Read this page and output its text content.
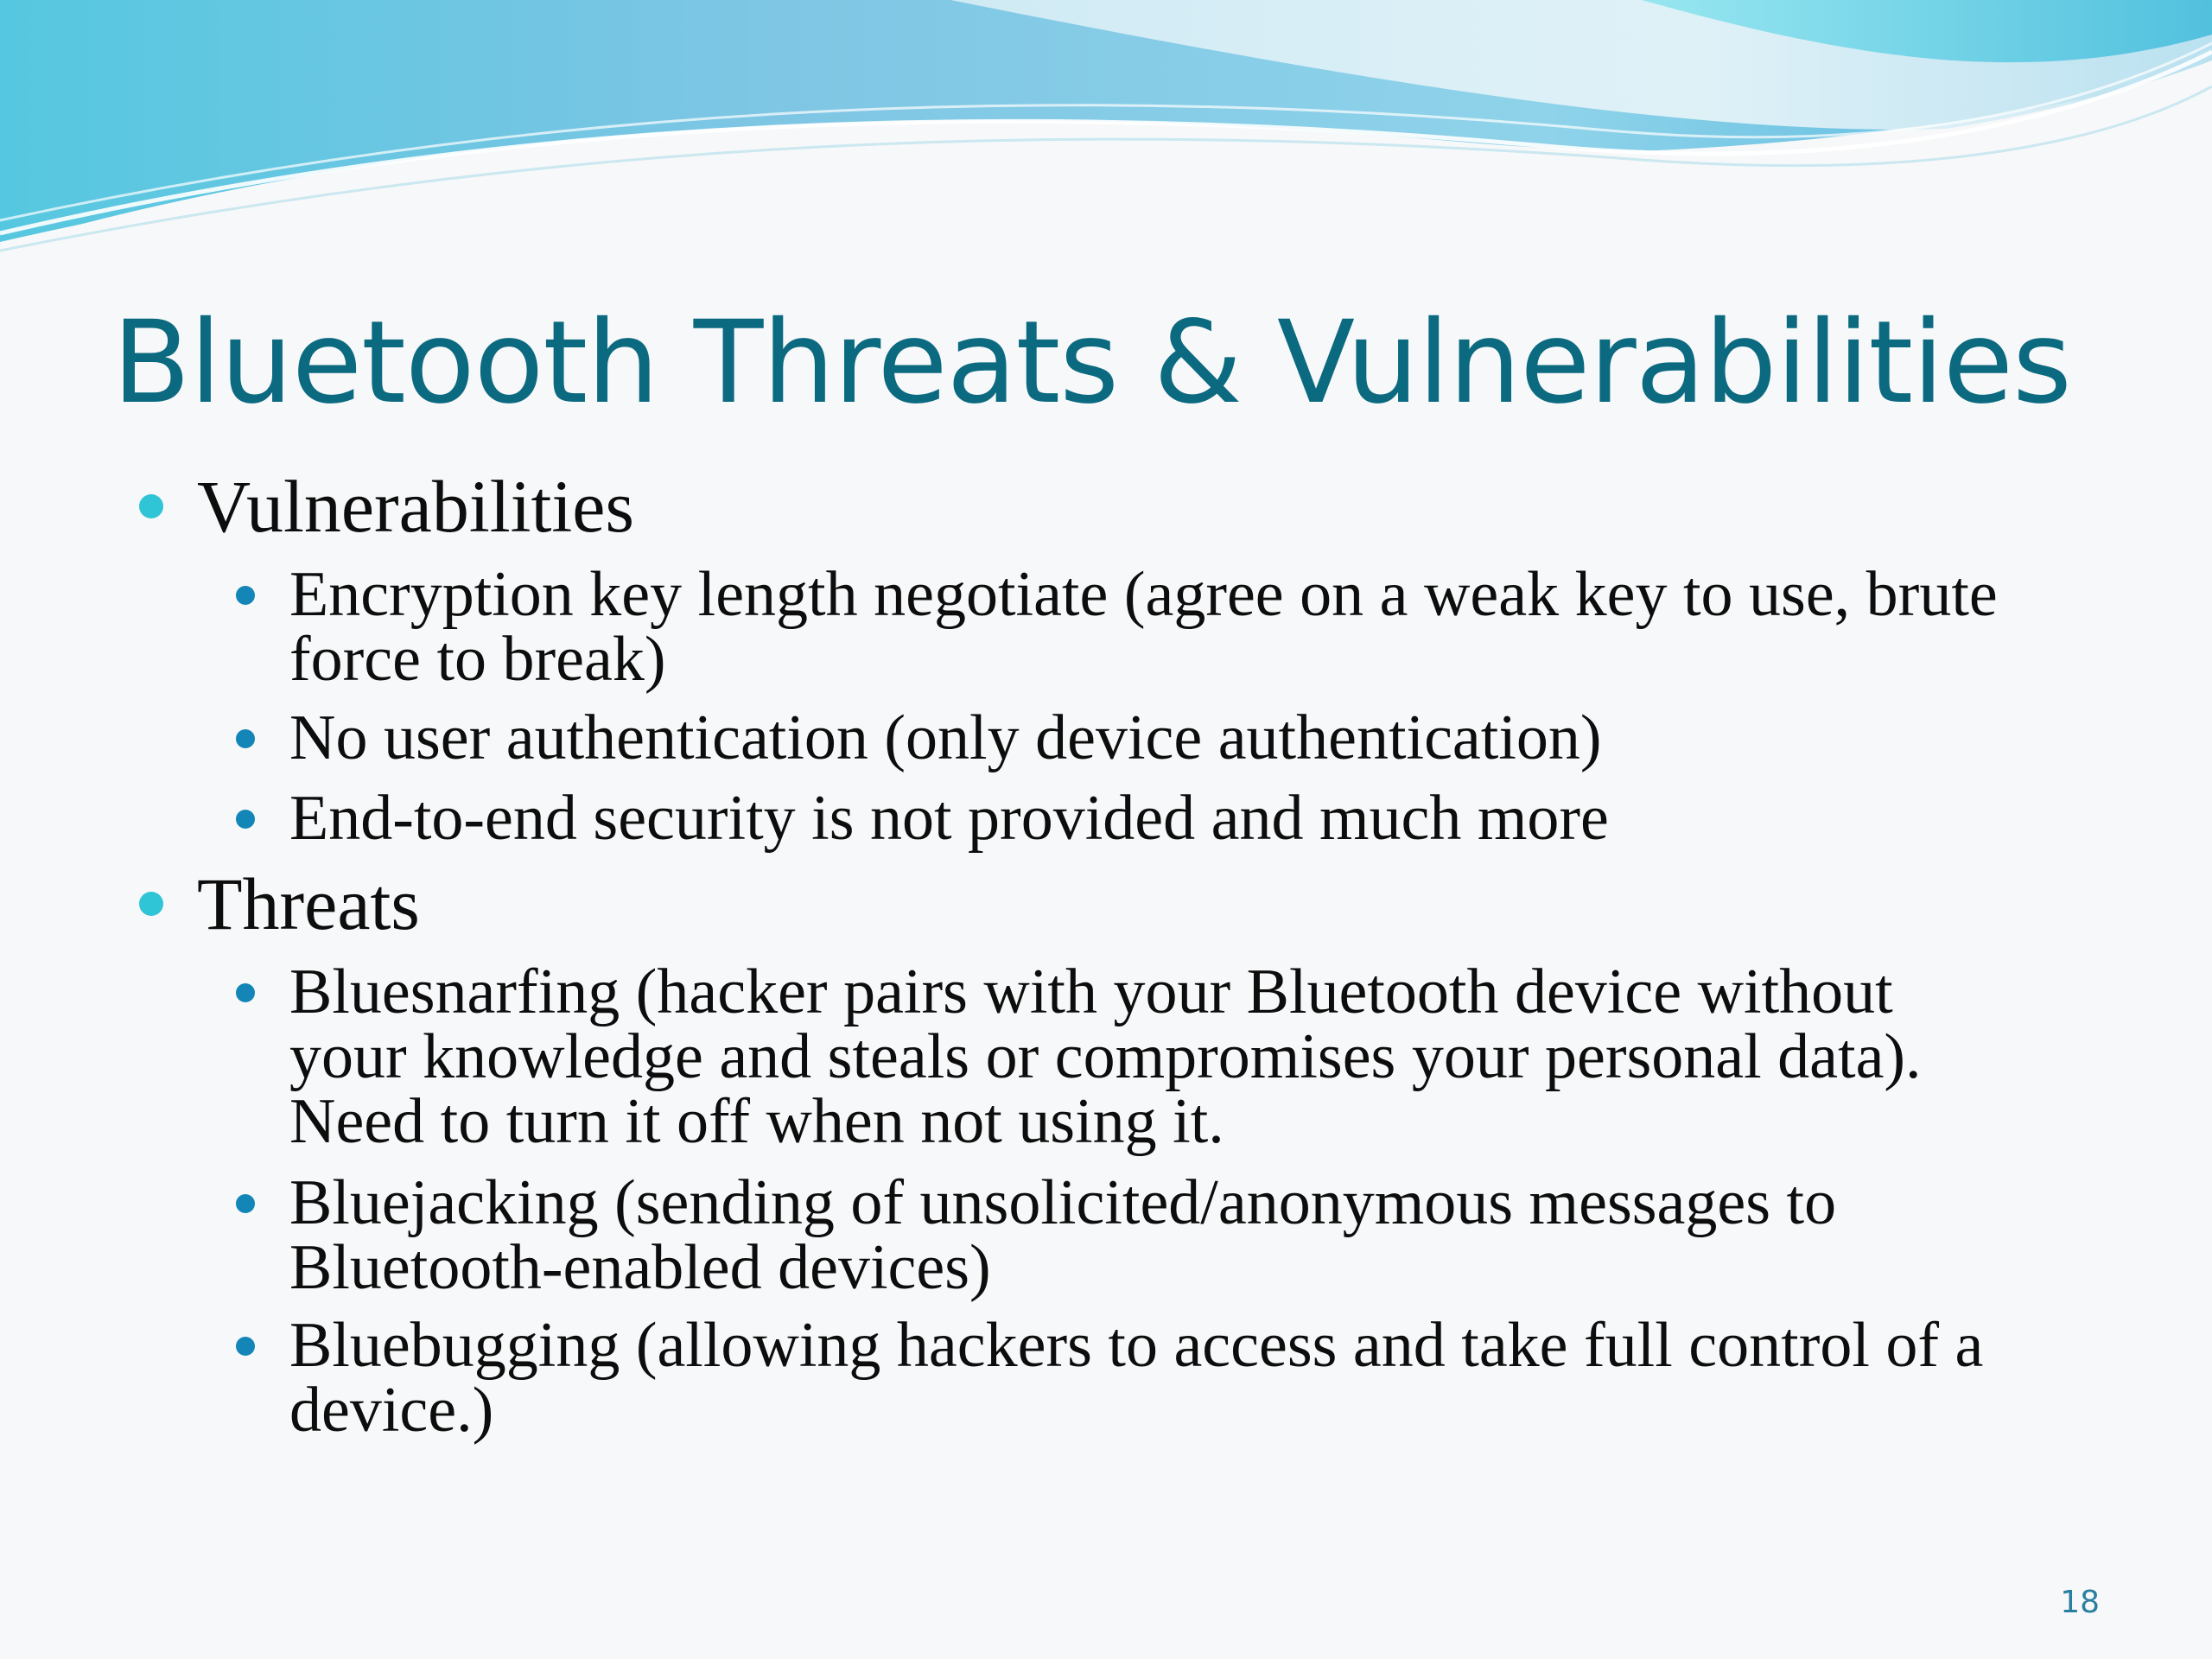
Bluetooth Threats & Vulnerabilities
Vulnerabilities
Encryption key length negotiate (agree on a weak key to use, brute force to break)
No user authentication (only device authentication)
End-to-end security is not provided and much more
Threats
Bluesnarfing (hacker pairs with your Bluetooth device without your knowledge and steals or compromises your personal data). Need to turn it off when not using it.
Bluejacking (sending of unsolicited/anonymous messages to Bluetooth-enabled devices)
Bluebugging (allowing hackers to access and take full control of a device.)
18
